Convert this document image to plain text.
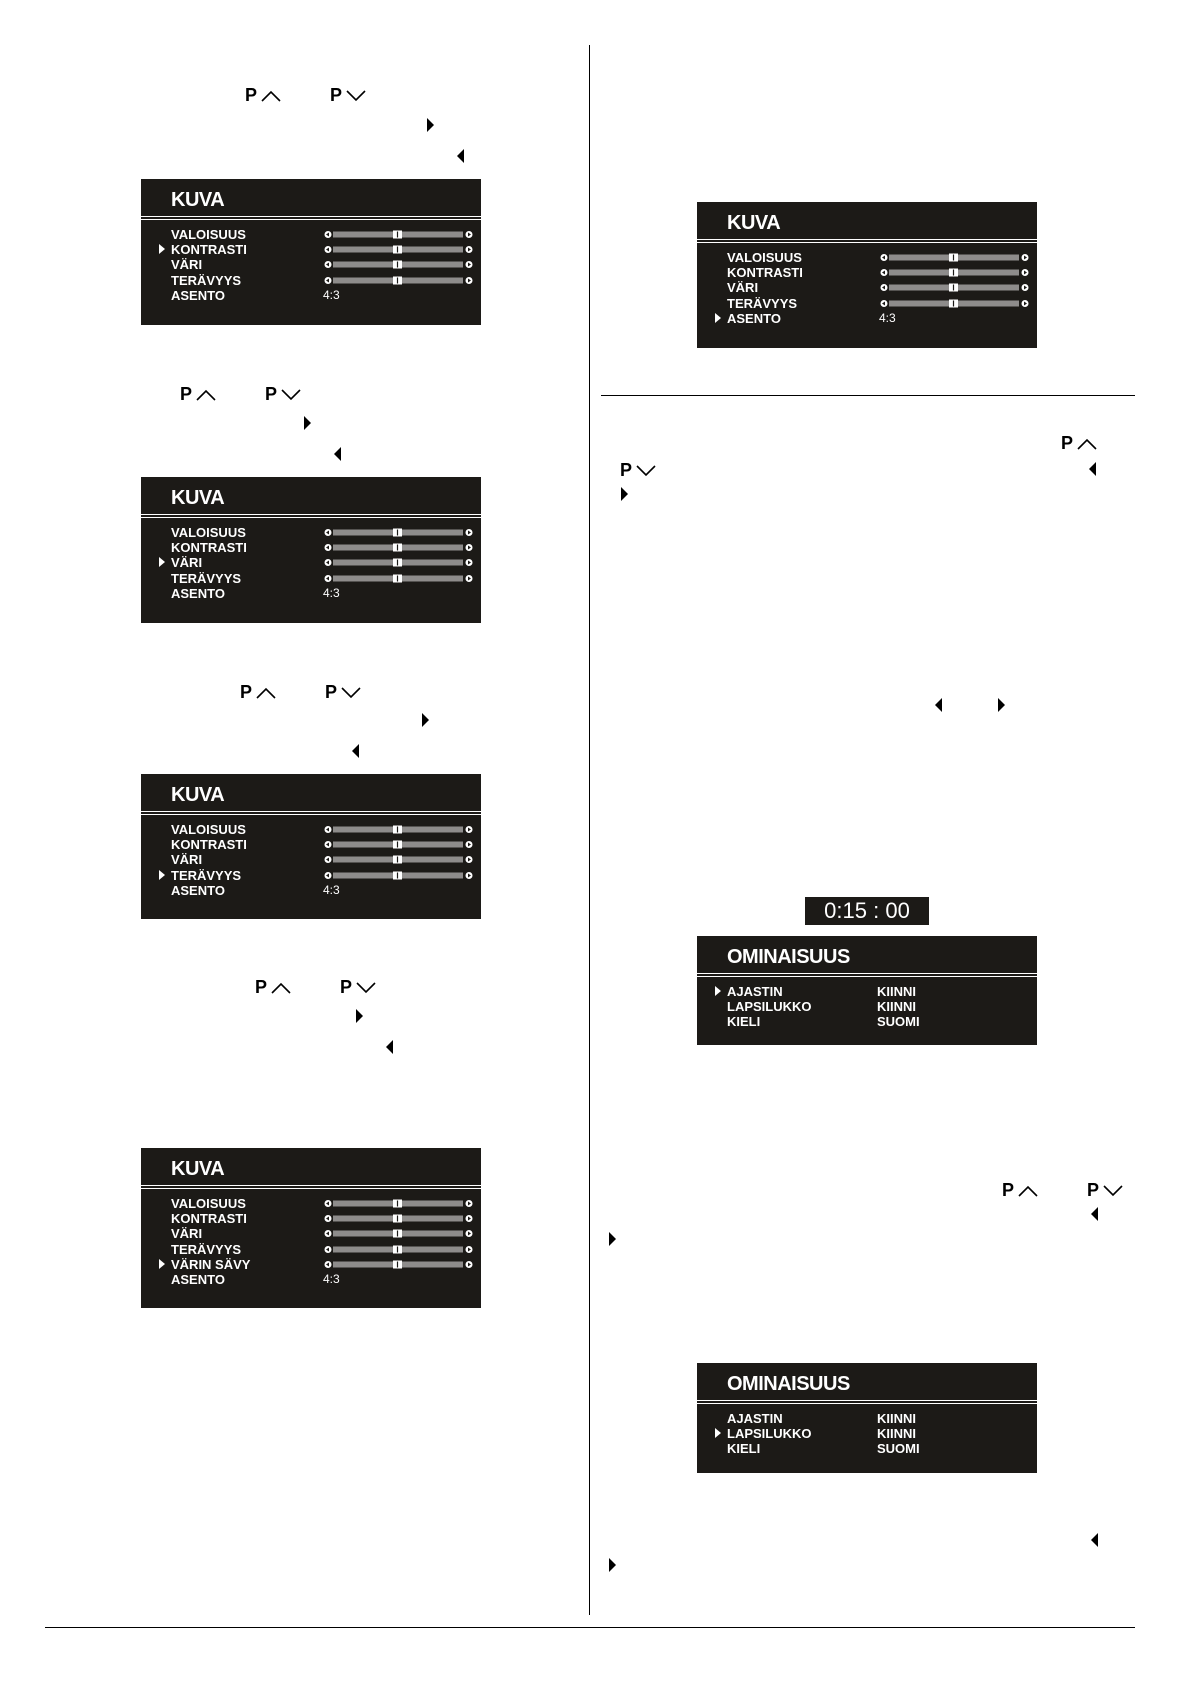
P	P
KUVA
VALOISUUS
KONTRASTI
VÄRI
TERÄVYYS
ASENTO	4:3
P	P
KUVA
VALOISUUS
KONTRASTI
VÄRI
TERÄVYYS
ASENTO	4:3
P	P
KUVA
VALOISUUS
KONTRASTI
VÄRI
TERÄVYYS
ASENTO	4:3
P	P
KUVA
VALOISUUS
KONTRASTI
VÄRI
TERÄVYYS
VÄRIN SÄVY
ASENTO	4:3
KUVA
VALOISUUS
KONTRASTI
VÄRI
TERÄVYYS
ASENTO	4:3
P
P
0:15 : 00
OMINAISUUS
AJASTIN	KIINNI
LAPSILUKKO	KIINNI
KIELI	SUOMI
P	P
OMINAISUUS
AJASTIN	KIINNI
LAPSILUKKO	KIINNI
KIELI	SUOMI
